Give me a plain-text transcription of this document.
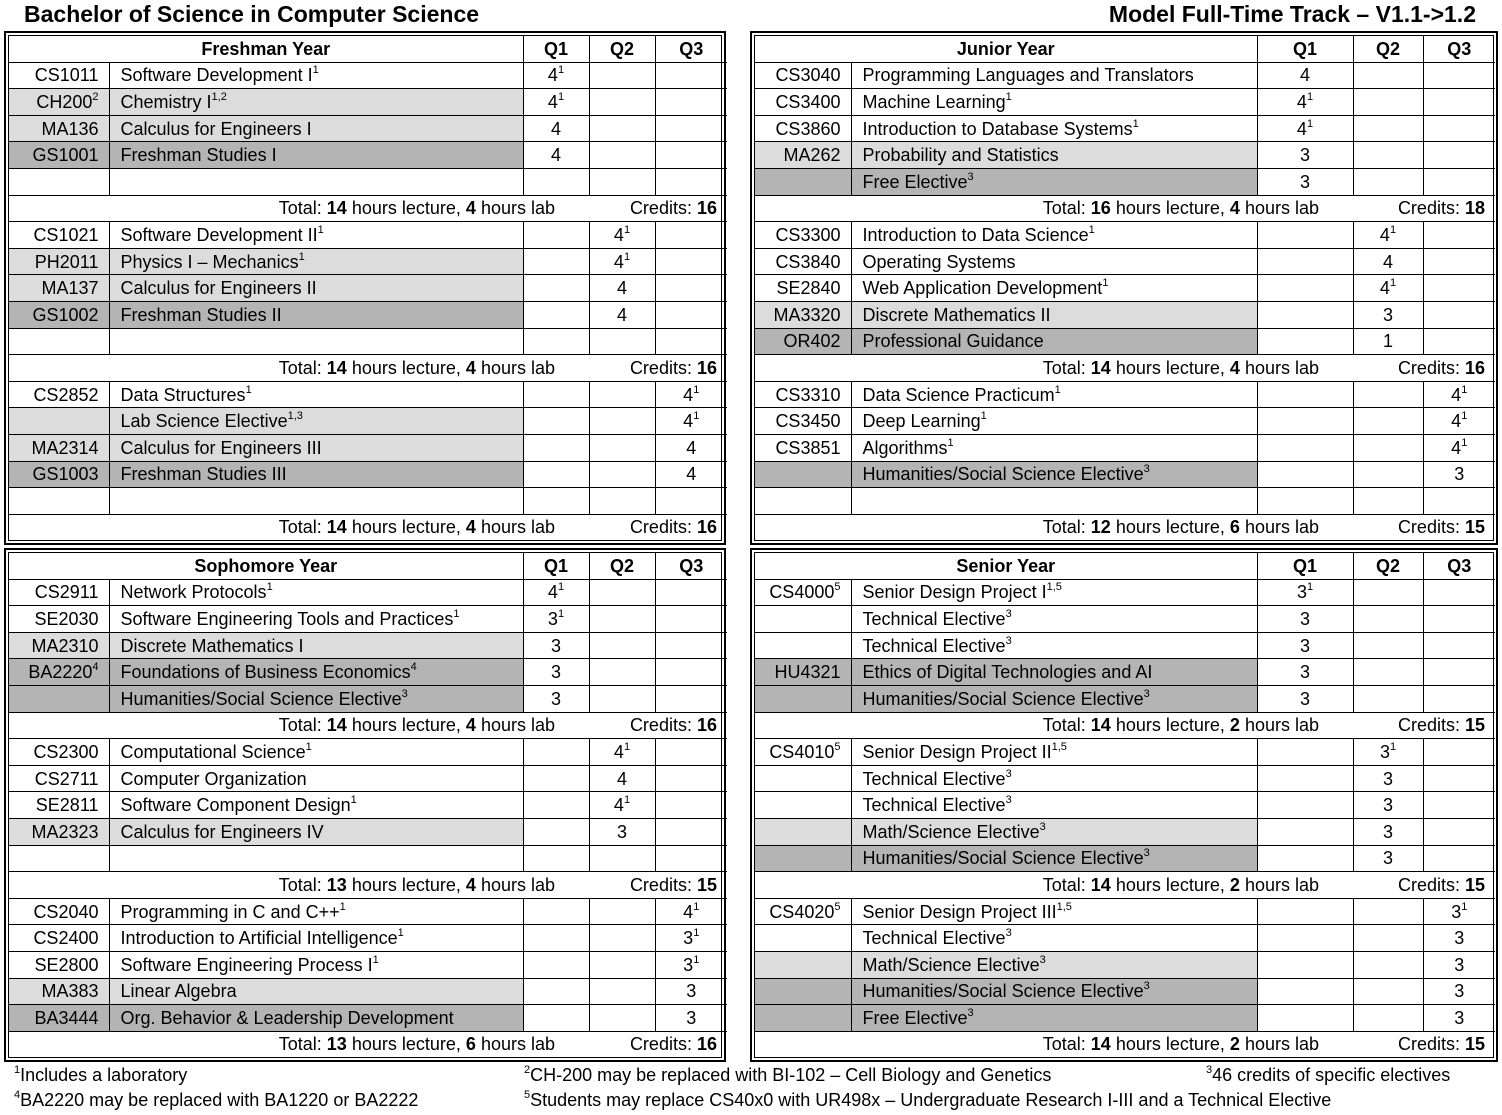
Bachelor of Science in Computer Science	Model Full-Time Track – V1.1->1.2
Freshman Year		Q1	Q2	Q3
CS1011	Software Development $I^1$	$4^1$		
$CH200^2$	Chemistry I$^{1,2}$	$4^1$		
MA136	Calculus for Engineers I	4		
GS1001	Freshman Studies I	4		

Total: 14 hours lecture, 4 hours lab			Credits: 16	
CS1021	Software Development $II^1$		$4^1$	
PH2011	Physics I – Mechanics$^1$		$4^1$	
MA137	Calculus for Engineers II		4	
GS1002	Freshman Studies II		4	

Total: 14 hours lecture, 4 hours lab			Credits: 16	
CS2852	Data Structures$^1$			$4^1$
	Lab Science Elective$^{1,3}$			$4^1$
MA2314	Calculus for Engineers III			4
GS1003	Freshman Studies III			4

Total: 14 hours lecture, 4 hours lab			Credits: 16	
Junior Year		Q1	Q2	Q3
CS3040	Programming Languages and Translators	4		
CS3400	Machine Learning$^1$	$4^1$		
CS3860	Introduction to Database Systems$^1$	$4^1$		
MA262	Probability and Statistics	3		
	Free Elective$^3$	3		
Total: 16 hours lecture, 4 hours lab			Credits: 18	
CS3300	Introduction to Data Science$^1$		$4^1$	
CS3840	Operating Systems		4	
SE2840	Web Application Development$^1$		$4^1$	
MA3320	Discrete Mathematics II		3	
OR402	Professional Guidance		1	
Total: 14 hours lecture, 4 hours lab			Credits: 16	
CS3310	Data Science Practicum$^1$			$4^1$
CS3450	Deep Learning$^1$			$4^1$
CS3851	Algorithms$^1$			$4^1$
	Humanities/Social Science Elective$^3$			3

Total: 12 hours lecture, 6 hours lab			Credits: 15	
Sophomore Year		Q1	Q2	Q3
CS2911	Network Protocols$^1$	$4^1$		
SE2030	Software Engineering Tools and Practices$^1$	$3^1$		
MA2310	Discrete Mathematics I	3		
BA2220$^4$	Foundations of Business Economics$^4$	3		
	Humanities/Social Science Elective$^3$	3		
Total: 14 hours lecture, 4 hours lab			Credits: 16	
CS2300	Computational Science$^1$		$4^1$	
CS2711	Computer Organization		4	
SE2811	Software Component Design$^1$		$4^1$	
MA2323	Calculus for Engineers IV		3	

Total: 13 hours lecture, 4 hours lab			Credits: 15	
CS2040	Programming in C and C++$^1$			$4^1$
CS2400	Introduction to Artificial Intelligence$^1$			$3^1$
SE2800	Software Engineering Process $I^1$			$3^1$
MA383	Linear Algebra			3
BA3444	Org. Behavior & Leadership Development			3
Total: 13 hours lecture, 6 hours lab			Credits: 16	
Senior Year		Q1	Q2	Q3
CS4000$^5$	Senior Design Project I$^{1,5}$	$3^1$		
	Technical Elective$^3$	3		
	Technical Elective$^3$	3		
HU4321	Ethics of Digital Technologies and AI	3		
	Humanities/Social Science Elective$^3$	3		
Total: 14 hours lecture, 2 hours lab			Credits: 15	
CS4010$^5$	Senior Design Project II$^{1,5}$		$3^1$	
	Technical Elective$^3$		3	
	Technical Elective$^3$		3	
	Math/Science Elective$^3$		3	
	Humanities/Social Science Elective$^3$		3	
Total: 14 hours lecture, 2 hours lab			Credits: 15	
CS4020$^5$	Senior Design Project III$^{1,5}$			$3^1$
	Technical Elective$^3$			3
	Math/Science Elective$^3$			3
	Humanities/Social Science Elective$^3$			3
	Free Elective$^3$			3
Total: 14 hours lecture, 2 hours lab			Credits: 15	
$^1$Includes a laboratory	$^2$CH-200 may be replaced with BI-102 – Cell Biology and Genetics	$^3$46 credits of specific electives
$^4$BA2220 may be replaced with BA1220 or BA2222	$^5$Students may replace CS40x0 with UR498x – Undergraduate Research I-III and a Technical Elective
